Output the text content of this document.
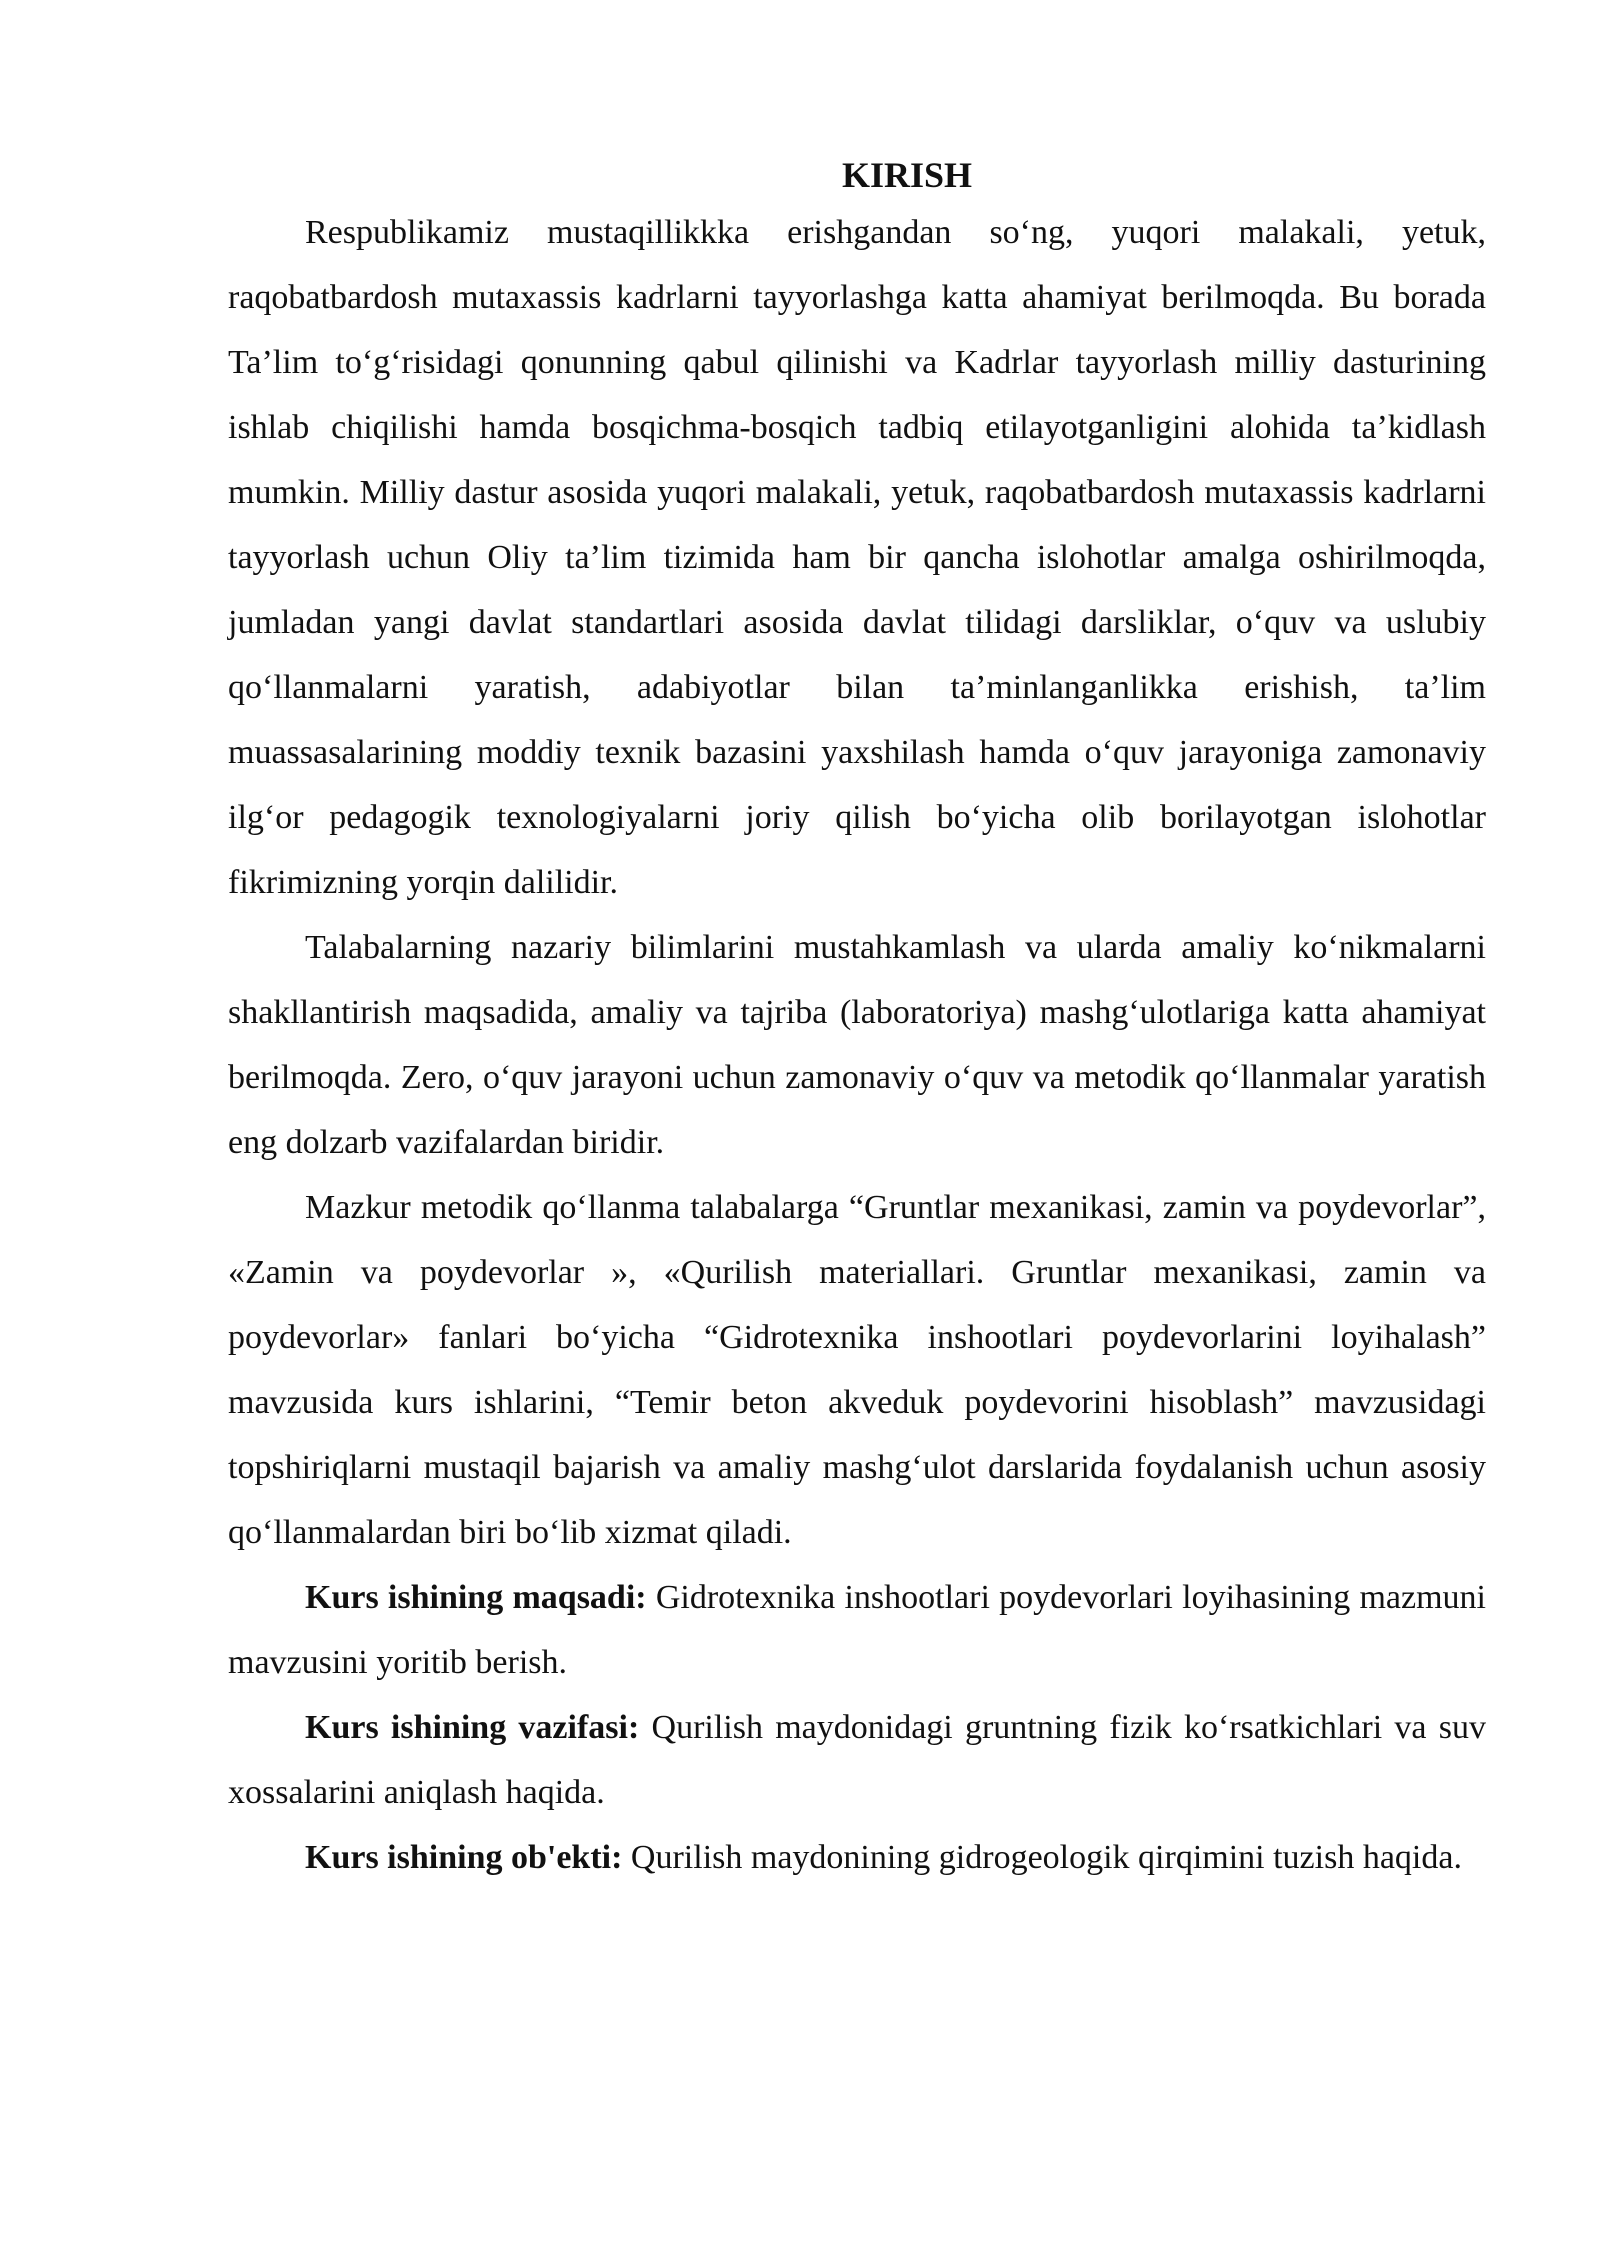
KIRISH

Respublikamiz mustaqillikkka erishgandan so‘ng, yuqori malakali, yetuk, raqobatbardosh mutaxassis kadrlarni tayyorlashga katta ahamiyat berilmoqda. Bu borada Ta’lim to‘g‘risidagi qonunning qabul qilinishi va Kadrlar tayyorlash milliy dasturining ishlab chiqilishi hamda bosqichma-bosqich tadbiq etilayotganligini alohida ta’kidlash mumkin. Milliy dastur asosida yuqori malakali, yetuk, raqobatbardosh mutaxassis kadrlarni tayyorlash uchun Oliy ta’lim tizimida ham bir qancha islohotlar amalga oshirilmoqda, jumladan yangi davlat standartlari asosida davlat tilidagi darsliklar, o‘quv va uslubiy qo‘llanmalarni yaratish, adabiyotlar bilan ta’minlanganlikka erishish, ta’lim muassasalarining moddiy texnik bazasini yaxshilash hamda o‘quv jarayoniga zamonaviy ilg‘or pedagogik texnologiyalarni joriy qilish bo‘yicha olib borilayotgan islohotlar fikrimizning yorqin dalilidir.

Talabalarning nazariy bilimlarini mustahkamlash va ularda amaliy ko‘nikmalarni shakllantirish maqsadida, amaliy va tajriba (laboratoriya) mashg‘ulotlariga katta ahamiyat berilmoqda. Zero, o‘quv jarayoni uchun zamonaviy o‘quv va metodik qo‘llanmalar yaratish eng dolzarb vazifalardan biridir.

Mazkur metodik qo‘llanma talabalarga “Gruntlar mexanikasi, zamin va poydevorlar”, «Zamin va poydevorlar », «Qurilish materiallari. Gruntlar mexanikasi, zamin va poydevorlar» fanlari bo‘yicha “Gidrotexnika inshootlari poydevorlarini loyihalash” mavzusida kurs ishlarini, “Temir beton akveduk poydevorini hisoblash” mavzusidagi topshiriqlarni mustaqil bajarish va amaliy mashg‘ulot darslarida foydalanish uchun asosiy qo‘llanmalardan biri bo‘lib xizmat qiladi.

Kurs ishining maqsadi: Gidrotexnika inshootlari poydevorlari loyihasining mazmuni mavzusini yoritib berish.

Kurs ishining vazifasi: Qurilish maydonidagi gruntning fizik ko‘rsatkichlari va suv xossalarini aniqlash haqida.

Kurs ishining ob'ekti: Qurilish maydonining gidrogeologik qirqimini tuzish haqida.
